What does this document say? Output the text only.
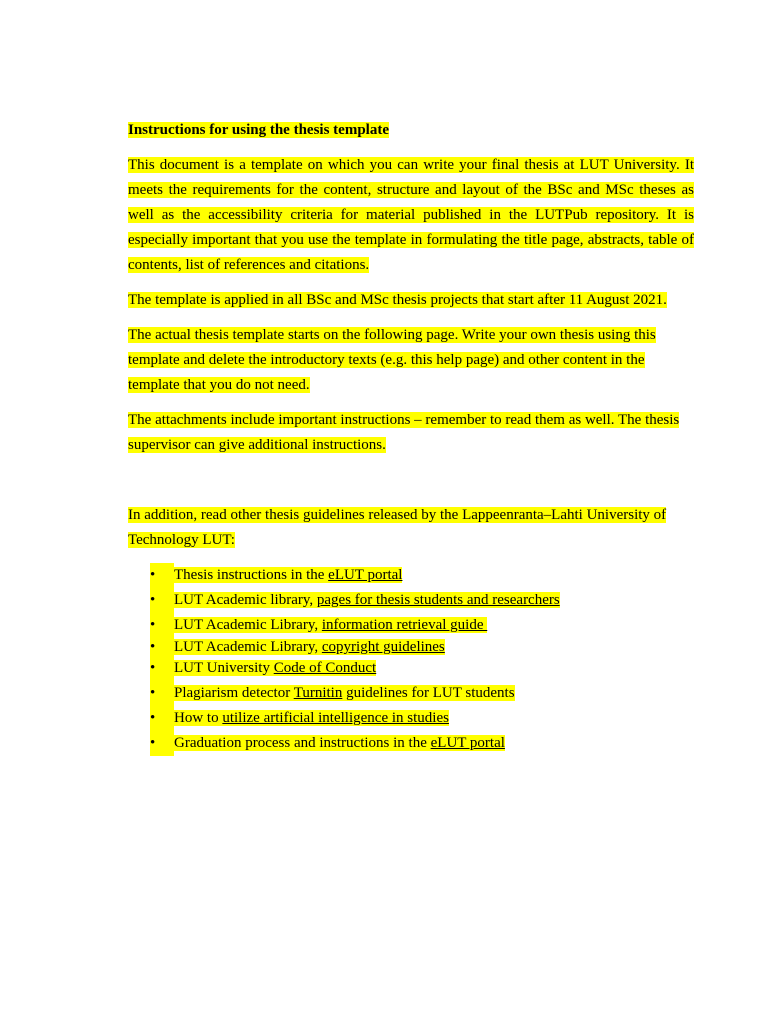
Instructions for using the thesis template
This document is a template on which you can write your final thesis at LUT University. It meets the requirements for the content, structure and layout of the BSc and MSc theses as well as the accessibility criteria for material published in the LUTPub repository. It is especially important that you use the template in formulating the title page, abstracts, table of contents, list of references and citations.
The template is applied in all BSc and MSc thesis projects that start after 11 August 2021.
The actual thesis template starts on the following page. Write your own thesis using this template and delete the introductory texts (e.g. this help page) and other content in the template that you do not need.
The attachments include important instructions – remember to read them as well. The thesis supervisor can give additional instructions.
In addition, read other thesis guidelines released by the Lappeenranta–Lahti University of Technology LUT:
•
Thesis instructions in the eLUT portal
•
LUT Academic library, pages for thesis students and researchers
•
LUT Academic Library, information retrieval guide
•
LUT Academic Library, copyright guidelines
•
LUT University Code of Conduct
•
Plagiarism detector Turnitin guidelines for LUT students
•
How to utilize artificial intelligence in studies
•
Graduation process and instructions in the eLUT portal
